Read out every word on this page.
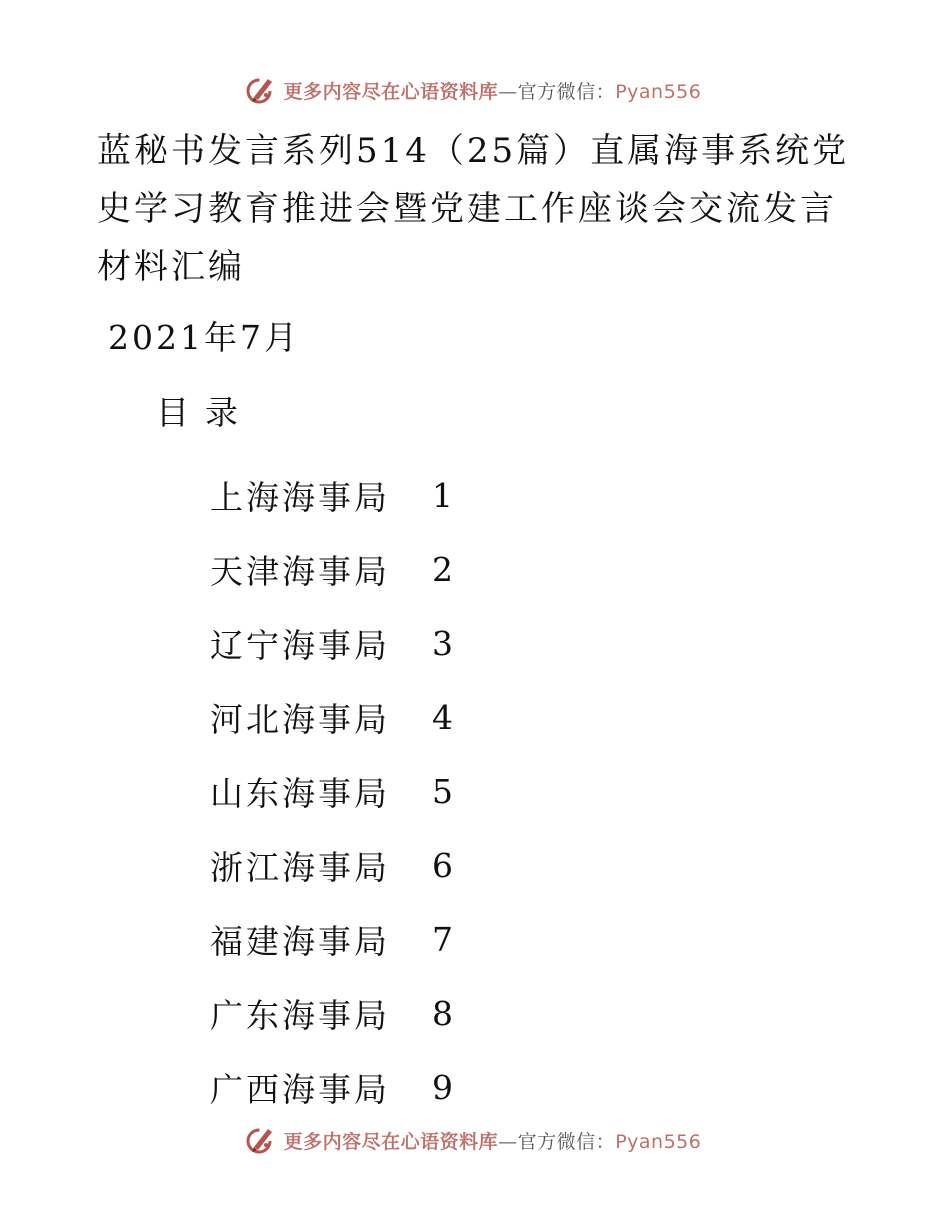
更多内容尽在心语资料库—官方微信：Pyan556
蓝秘书发言系列514（25篇）直属海事系统党史学习教育推进会暨党建工作座谈会交流发言材料汇编
2021年7月
目录
上海海事局	1
天津海事局	2
辽宁海事局	3
河北海事局	4
山东海事局	5
浙江海事局	6
福建海事局	7
广东海事局	8
广西海事局	9
更多内容尽在心语资料库—官方微信：Pyan556
